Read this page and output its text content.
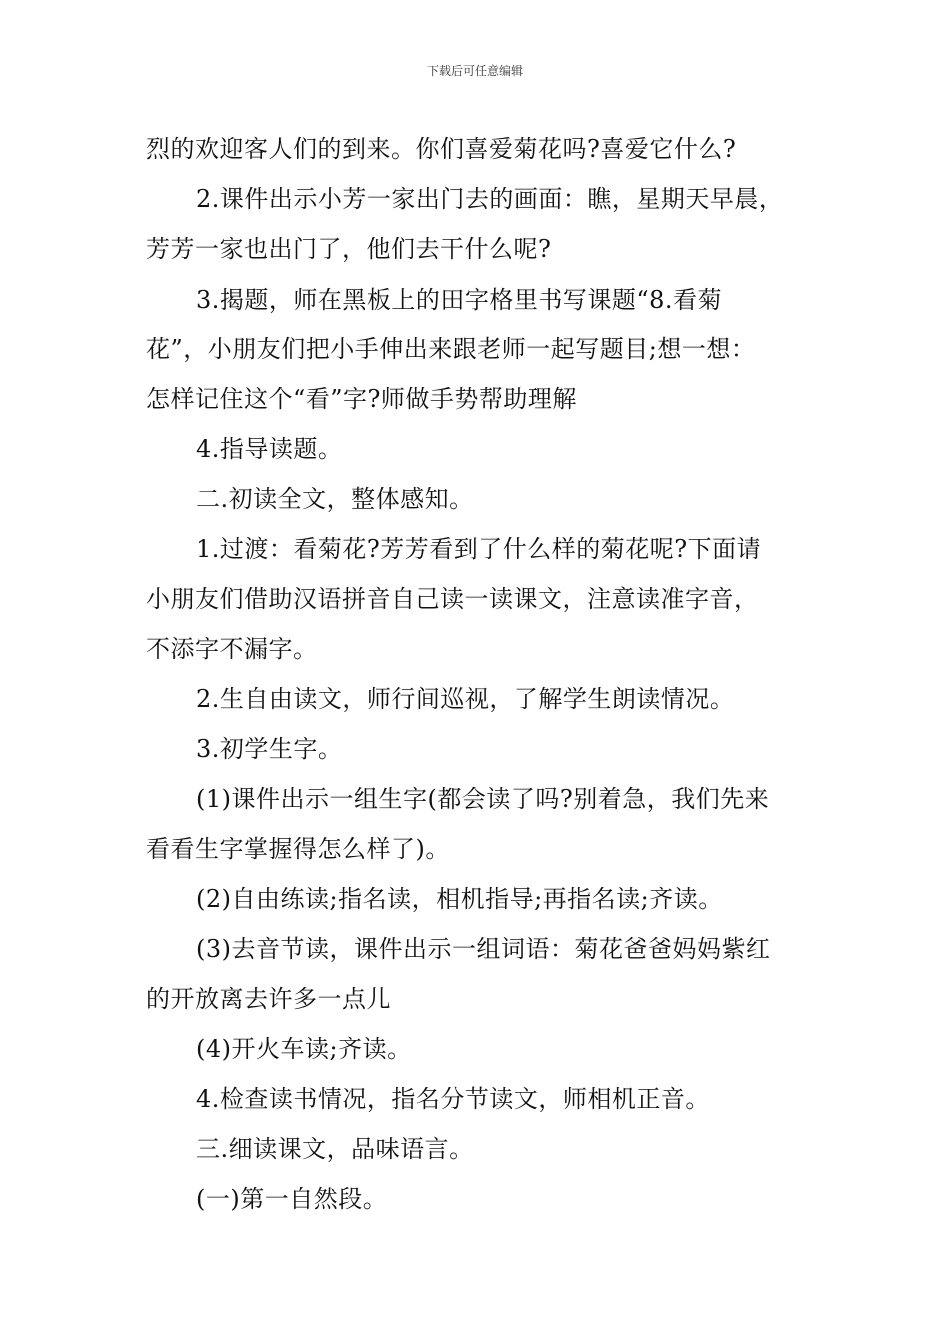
下载后可任意编辑
烈的欢迎客人们的到来。你们喜爱菊花吗?喜爱它什么?
2.课件出示小芳一家出门去的画面：瞧，星期天早晨，
芳芳一家也出门了，他们去干什么呢?
3.揭题，师在黑板上的田字格里书写课题“8.看菊
花”，小朋友们把小手伸出来跟老师一起写题目;想一想：
怎样记住这个“看”字?师做手势帮助理解
4.指导读题。
二.初读全文，整体感知。
1.过渡：看菊花?芳芳看到了什么样的菊花呢?下面请
小朋友们借助汉语拼音自己读一读课文，注意读准字音，
不添字不漏字。
2.生自由读文，师行间巡视，了解学生朗读情况。
3.初学生字。
(1)课件出示一组生字(都会读了吗?别着急，我们先来
看看生字掌握得怎么样了)。
(2)自由练读;指名读，相机指导;再指名读;齐读。
(3)去音节读，课件出示一组词语：菊花爸爸妈妈紫红
的开放离去许多一点儿
(4)开火车读;齐读。
4.检查读书情况，指名分节读文，师相机正音。
三.细读课文，品味语言。
(一)第一自然段。
